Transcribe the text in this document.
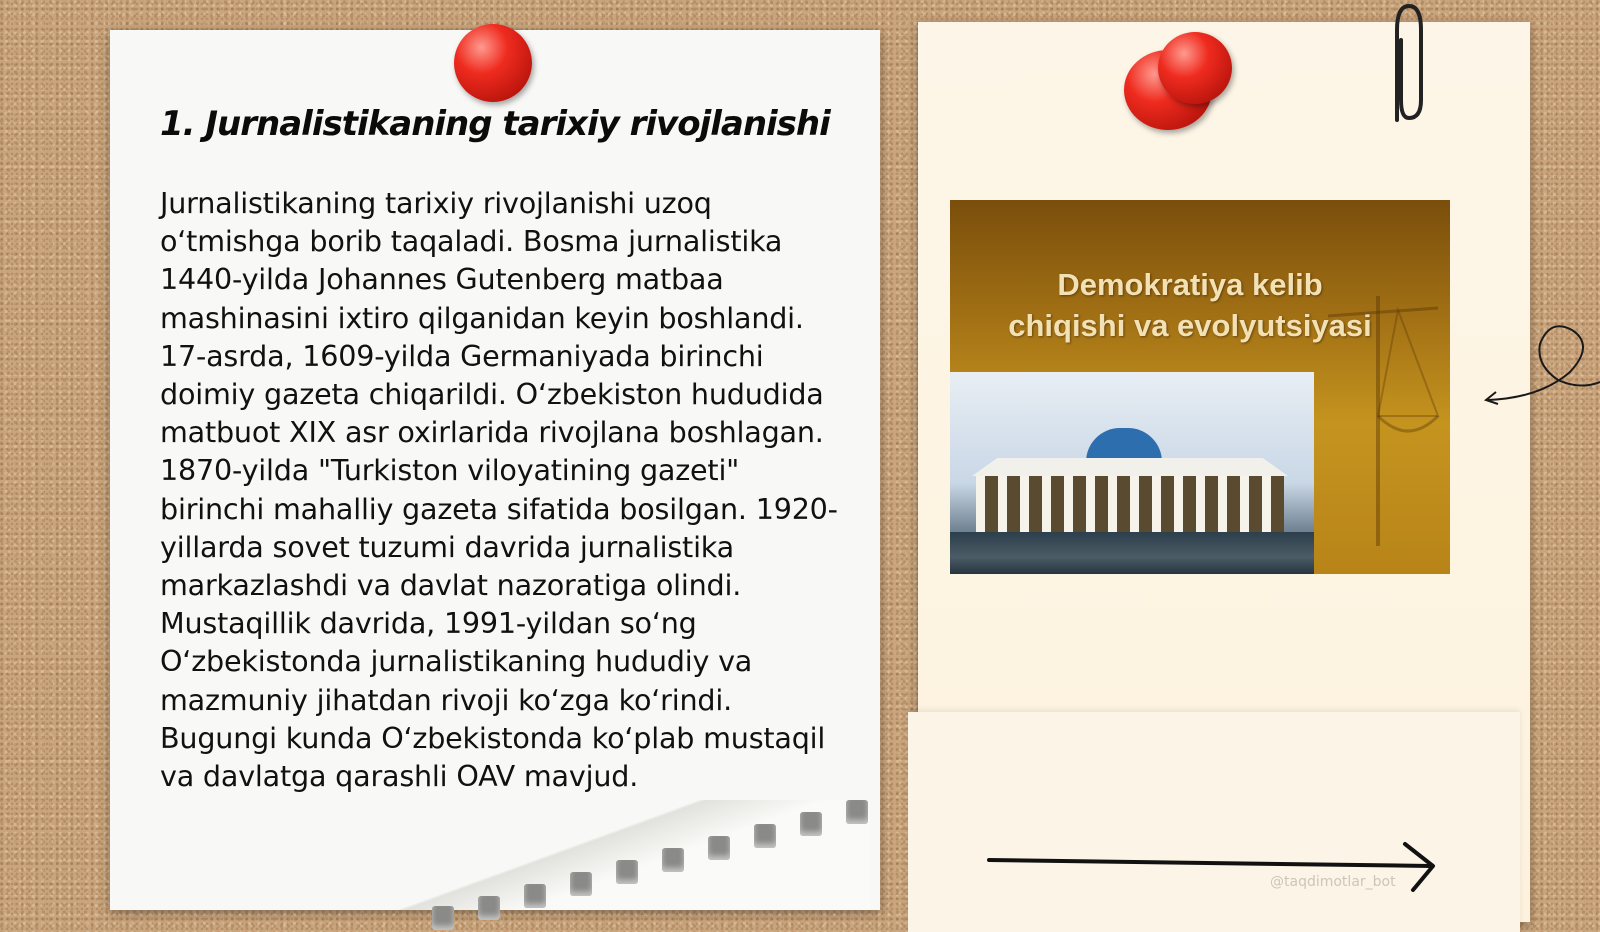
1. Jurnalistikaning tarixiy rivojlanishi
Jurnalistikaning tarixiy rivojlanishi uzoq oʻtmishga borib taqaladi. Bosma jurnalistika 1440-yilda Johannes Gutenberg matbaa mashinasini ixtiro qilganidan keyin boshlandi. 17-asrda, 1609-yilda Germaniyada birinchi doimiy gazeta chiqarildi. Oʻzbekiston hududida matbuot XIX asr oxirlarida rivojlana boshlagan. 1870-yilda "Turkiston viloyatining gazeti" birinchi mahalliy gazeta sifatida bosilgan. 1920-yillarda sovet tuzumi davrida jurnalistika markazlashdi va davlat nazoratiga olindi. Mustaqillik davrida, 1991-yildan soʻng Oʻzbekistonda jurnalistikaning hududiy va mazmuniy jihatdan rivoji koʻzga koʻrindi. Bugungi kunda Oʻzbekistonda koʻplab mustaqil va davlatga qarashli OAV mavjud.
Demokratiya kelib
chiqishi va evolyutsiyasi
@taqdimotlar_bot
